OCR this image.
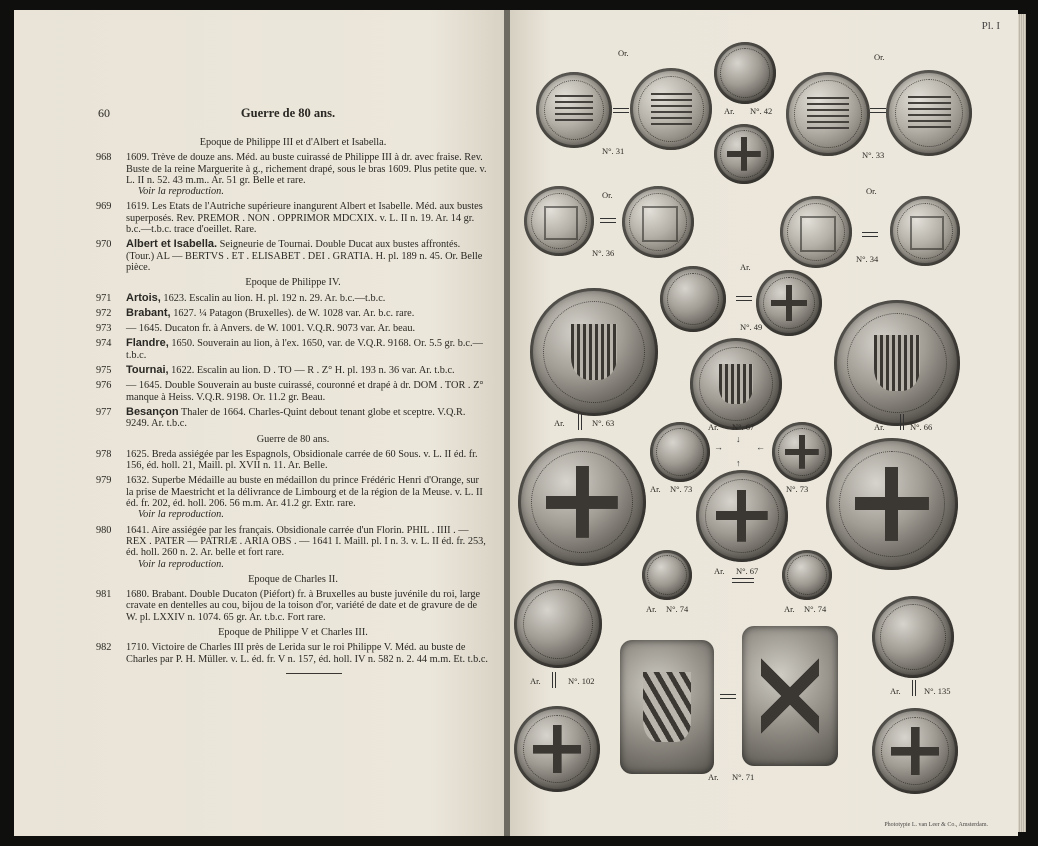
60	Guerre de 80 ans.
Epoque de Philippe III et d'Albert et Isabella.
968	1609. Trève de douze ans. Méd. au buste cuirassé de Philippe III à dr. avec fraise. Rev. Buste de la reine Marguerite à g., richement drapé, sous le bras 1609. Plus petite que. v. L. II n. 52. 43 m.m.. Ar. 51 gr. Belle et rare.
Voir la reproduction.
969	1619. Les Etats de l'Autriche supérieure inangurent Albert et Isabelle. Méd. aux bustes superposés. Rev. PREMOR . NON . OPPRIMOR MDCXIX. v. L. II n. 19. Ar. 14 gr. b.c.—t.b.c. trace d'oeillet. Rare.
970	Albert et Isabella. Seigneurie de Tournai. Double Ducat aux bustes affrontés. (Tour.) AL — BERTVS . ET . ELISABET . DEI . GRATIA. H. pl. 189 n. 45. Or. Belle pièce.
Epoque de Philippe IV.
971	Artois, 1623. Escalin au lion. H. pl. 192 n. 29. Ar. b.c.—t.b.c.
972	Brabant, 1627. ¼ Patagon (Bruxelles). de W. 1028 var. Ar. b.c. rare.
973	— 1645. Ducaton fr. à Anvers. de W. 1001. V.Q.R. 9073 var. Ar. beau.
974	Flandre, 1650. Souverain au lion, à l'ex. 1650, var. de V.Q.R. 9168. Or. 5.5 gr. b.c.—t.b.c.
975	Tournai, 1622. Escalin au lion. D . TO — R . Z° H. pl. 193 n. 36 var. Ar. t.b.c.
976	— 1645. Double Souverain au buste cuirassé, couronné et drapé à dr. DOM . TOR . Z° manque à Heiss. V.Q.R. 9198. Or. 11.2 gr. Beau.
977	Besançon Thaler de 1664. Charles-Quint debout tenant globe et sceptre. V.Q.R. 9249. Ar. t.b.c.
Guerre de 80 ans.
978	1625. Breda assiégée par les Espagnols, Obsidionale carrée de 60 Sous. v. L. II éd. fr. 156, éd. holl. 21, Maill. pl. XVII n. 11. Ar. Belle.
979	1632. Superbe Médaille au buste en médaillon du prince Frédéric Henri d'Orange, sur la prise de Maestricht et la délivrance de Limbourg et de la région de la Meuse. v. L. II éd. fr. 202, éd. holl. 206. 56 m.m. Ar. 41.2 gr. Extr. rare.
Voir la reproduction.
980	1641. Aire assiégée par les français. Obsidionale carrée d'un Florin. PHIL . IIII . — REX . PATER — PATRIÆ . ARIA OBS . — 1641 I. Maill. pl. I n. 3. v. L. II éd. fr. 253, éd. holl. 260 n. 2. Ar. belle et fort rare.
Voir la reproduction.
Epoque de Charles II.
981	1680. Brabant. Double Ducaton (Piéfort) fr. à Bruxelles au buste juvénile du roi, large cravate en dentelles au cou, bijou de la toison d'or, variété de date et de gravure de de W. pl. LXXIV n. 1074. 65 gr. Ar. t.b.c. Fort rare.
Epoque de Philippe V et Charles III.
982	1710. Victoire de Charles III près de Lerida sur le roi Philippe V. Méd. au buste de Charles par P. H. Müller. v. L. éd. fr. V n. 157, éd. holl. IV n. 582 n. 2. 44 m.m. Et. t.b.c.
Pl. I
Or.
N°. 31
Ar. N°. 42
Or.
N°. 33
Or.
N°. 36
Or.
Ar.
N°. 34
N°. 49
Ar.	N°. 63	Ar. N°. 67	Ar.	N°. 66
Ar. N°. 73
→
↓
↑
←
N°. 73
Ar. N°. 67
Ar. N°. 74	Ar. N°. 74
Ar.	N°. 102
Ar.	N°. 135
Ar. N°. 71
Phototypie L. van Leer & Co., Amsterdam.
